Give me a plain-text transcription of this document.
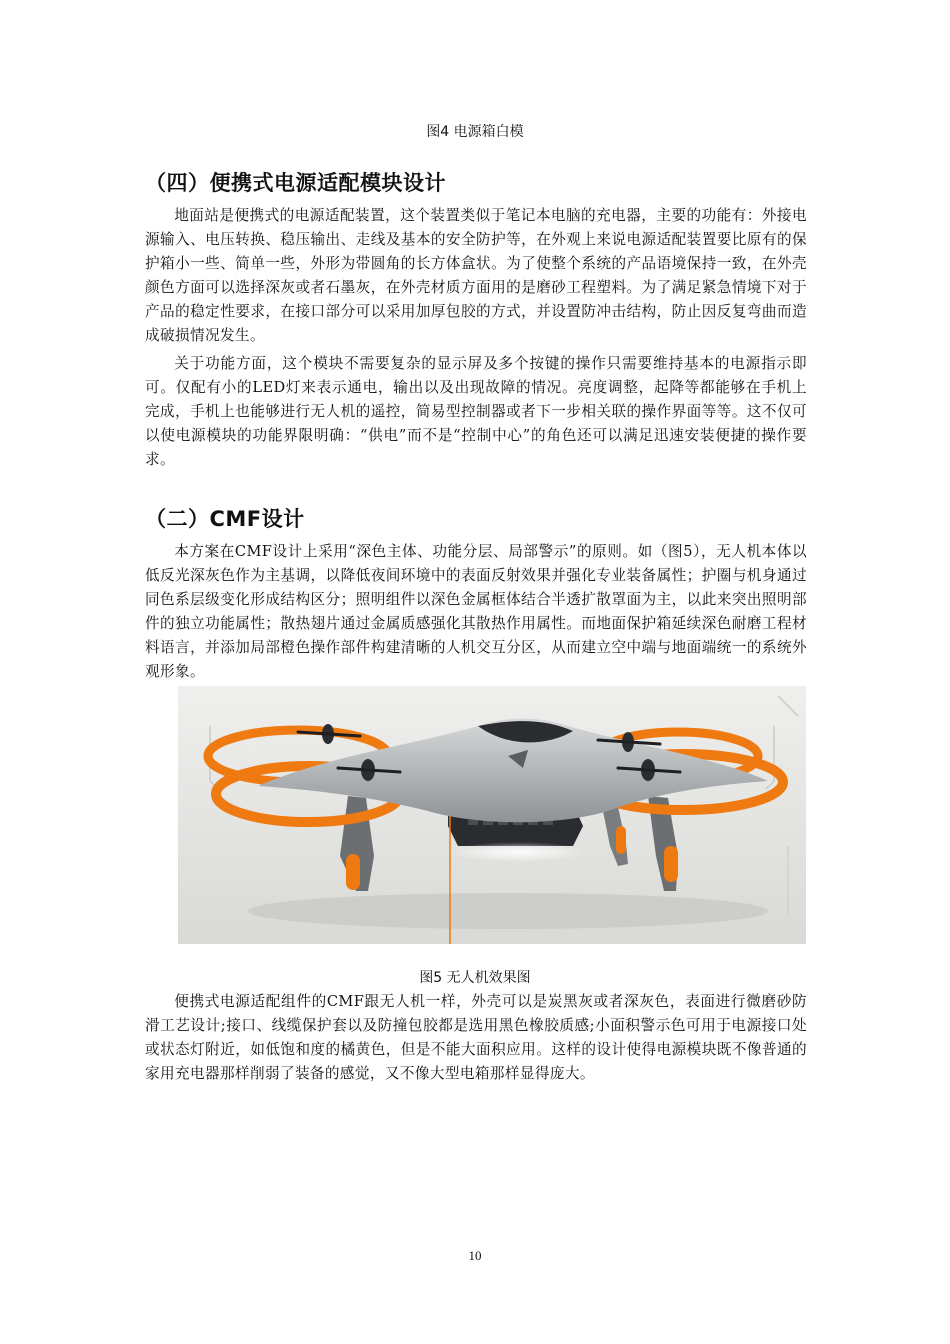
图4 电源箱白模
（四）便携式电源适配模块设计

地面站是便携式的电源适配装置，这个装置类似于笔记本电脑的充电器，主要的功能有：外接电源输入、电压转换、稳压输出、走线及基本的安全防护等，在外观上来说电源适配装置要比原有的保护箱小一些、简单一些，外形为带圆角的长方体盒状。为了使整个系统的产品语境保持一致，在外壳颜色方面可以选择深灰或者石墨灰，在外壳材质方面用的是磨砂工程塑料。为了满足紧急情境下对于产品的稳定性要求，在接口部分可以采用加厚包胶的方式，并设置防冲击结构，防止因反复弯曲而造成破损情况发生。

关于功能方面，这个模块不需要复杂的显示屏及多个按键的操作只需要维持基本的电源指示即可。仅配有小的LED灯来表示通电，输出以及出现故障的情况。亮度调整，起降等都能够在手机上完成，手机上也能够进行无人机的遥控，简易型控制器或者下一步相关联的操作界面等等。这不仅可以使电源模块的功能界限明确：“供电”而不是“控制中心”的角色还可以满足迅速安装便捷的操作要求。

（二）CMF设计

本方案在CMF设计上采用“深色主体、功能分层、局部警示”的原则。如（图5），无人机本体以低反光深灰色作为主基调，以降低夜间环境中的表面反射效果并强化专业装备属性；护圈与机身通过同色系层级变化形成结构区分；照明组件以深色金属框体结合半透扩散罩面为主，以此来突出照明部件的独立功能属性；散热翅片通过金属质感强化其散热作用属性。而地面保护箱延续深色耐磨工程材料语言，并添加局部橙色操作部件构建清晰的人机交互分区，从而建立空中端与地面端统一的系统外观形象。

图5 无人机效果图

便携式电源适配组件的CMF跟无人机一样，外壳可以是炭黑灰或者深灰色，表面进行微磨砂防滑工艺设计;接口、线缆保护套以及防撞包胶都是选用黑色橡胶质感;小面积警示色可用于电源接口处或状态灯附近，如低饱和度的橘黄色，但是不能大面积应用。这样的设计使得电源模块既不像普通的家用充电器那样削弱了装备的感觉，又不像大型电箱那样显得庞大。

10
